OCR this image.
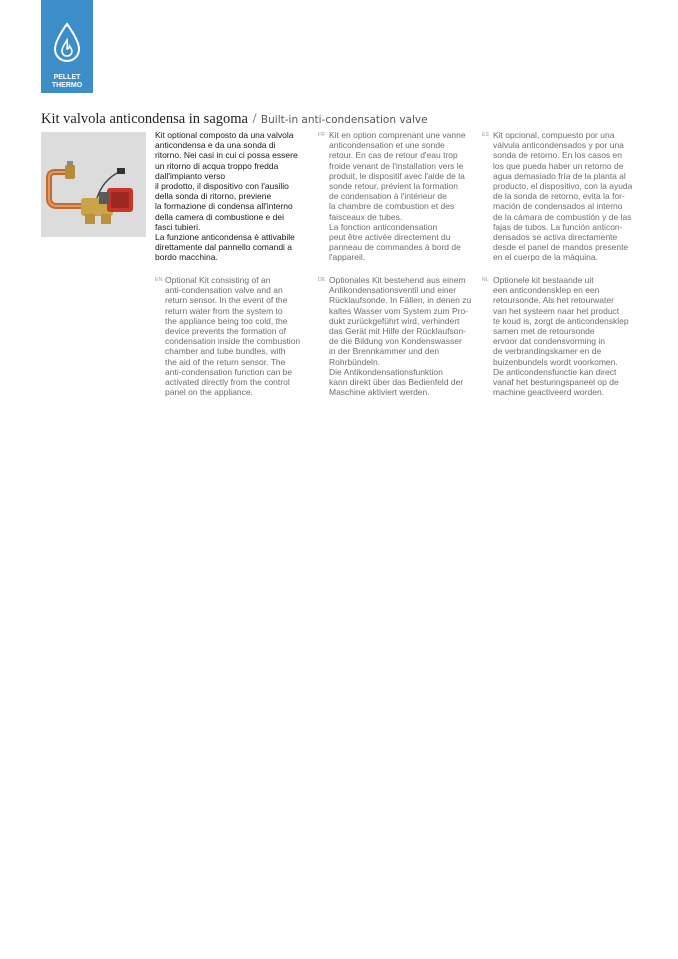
PELLET
THERMO
Kit valvola anticondensa in sagoma / Built-in anti-condensation valve

Kit optional composto da una valvola
anticondensa e da una sonda di
ritorno. Nei casi in cui ci possa essere
un ritorno di acqua troppo fredda
dall'impianto verso
il prodotto, il dispositivo con l'ausilio
della sonda di ritorno, previene
la formazione di condensa all'interno
della camera di combustione e dei
fasci tubieri.
La funzione anticondensa è attivabile
direttamente dal pannello comandi a
bordo macchina.

FR Kit en option comprenant une vanne
anticondensation et une sonde
retour. En cas de retour d'eau trop
froide venant de l'installation vers le
produit, le dispositif avec l'aide de la
sonde retour, prévient la formation
de condensation à l'intérieur de
la chambre de combustion et des
faisceaux de tubes.
La fonction anticondensation
peut être activée directement du
panneau de commandes à bord de
l'appareil.

ES Kit opcional, compuesto por una
válvula anticondensados y por una
sonda de retorno. En los casos en
los que pueda haber un retorno de
agua demasiado fría de la planta al
producto, el dispositivo, con la ayuda
de la sonda de retorno, evita la for-
mación de condensados al interno
de la cámara de combustión y de las
fajas de tubos. La función anticon-
densados se activa directamente
desde el panel de mandos presente
en el cuerpo de la máquina.

EN Optional Kit consisting of an
anti-condensation valve and an
return sensor. In the event of the
return water from the system to
the appliance being too cold, the
device prevents the formation of
condensation inside the combustion
chamber and tube bundles, with
the aid of the return sensor. The
anti-condensation function can be
activated directly from the control
panel on the appliance.

DE Optionales Kit bestehend aus einem
Antikondensationsventil und einer
Rücklaufsonde. In Fällen, in denen zu
kaltes Wasser vom System zum Pro-
dukt zurückgeführt wird, verhindert
das Gerät mit Hilfe der Rücklaufson-
de die Bildung von Kondenswasser
in der Brennkammer und den
Rohrbündeln.
Die Antikondensationsfunktion
kann direkt über das Bedienfeld der
Maschine aktiviert werden.

NL Optionele kit bestaande uit
een anticondensklep en een
retoursonde. Als het retourwater
van het systeem naar het product
te koud is, zorgt de anticondensklep
samen met de retoursonde
ervoor dat condensvorming in
de verbrandingskamer en de
buizenbundels wordt voorkomen.
De anticondensfunctie kan direct
vanaf het besturingspaneel op de
machine geactiveerd worden.
